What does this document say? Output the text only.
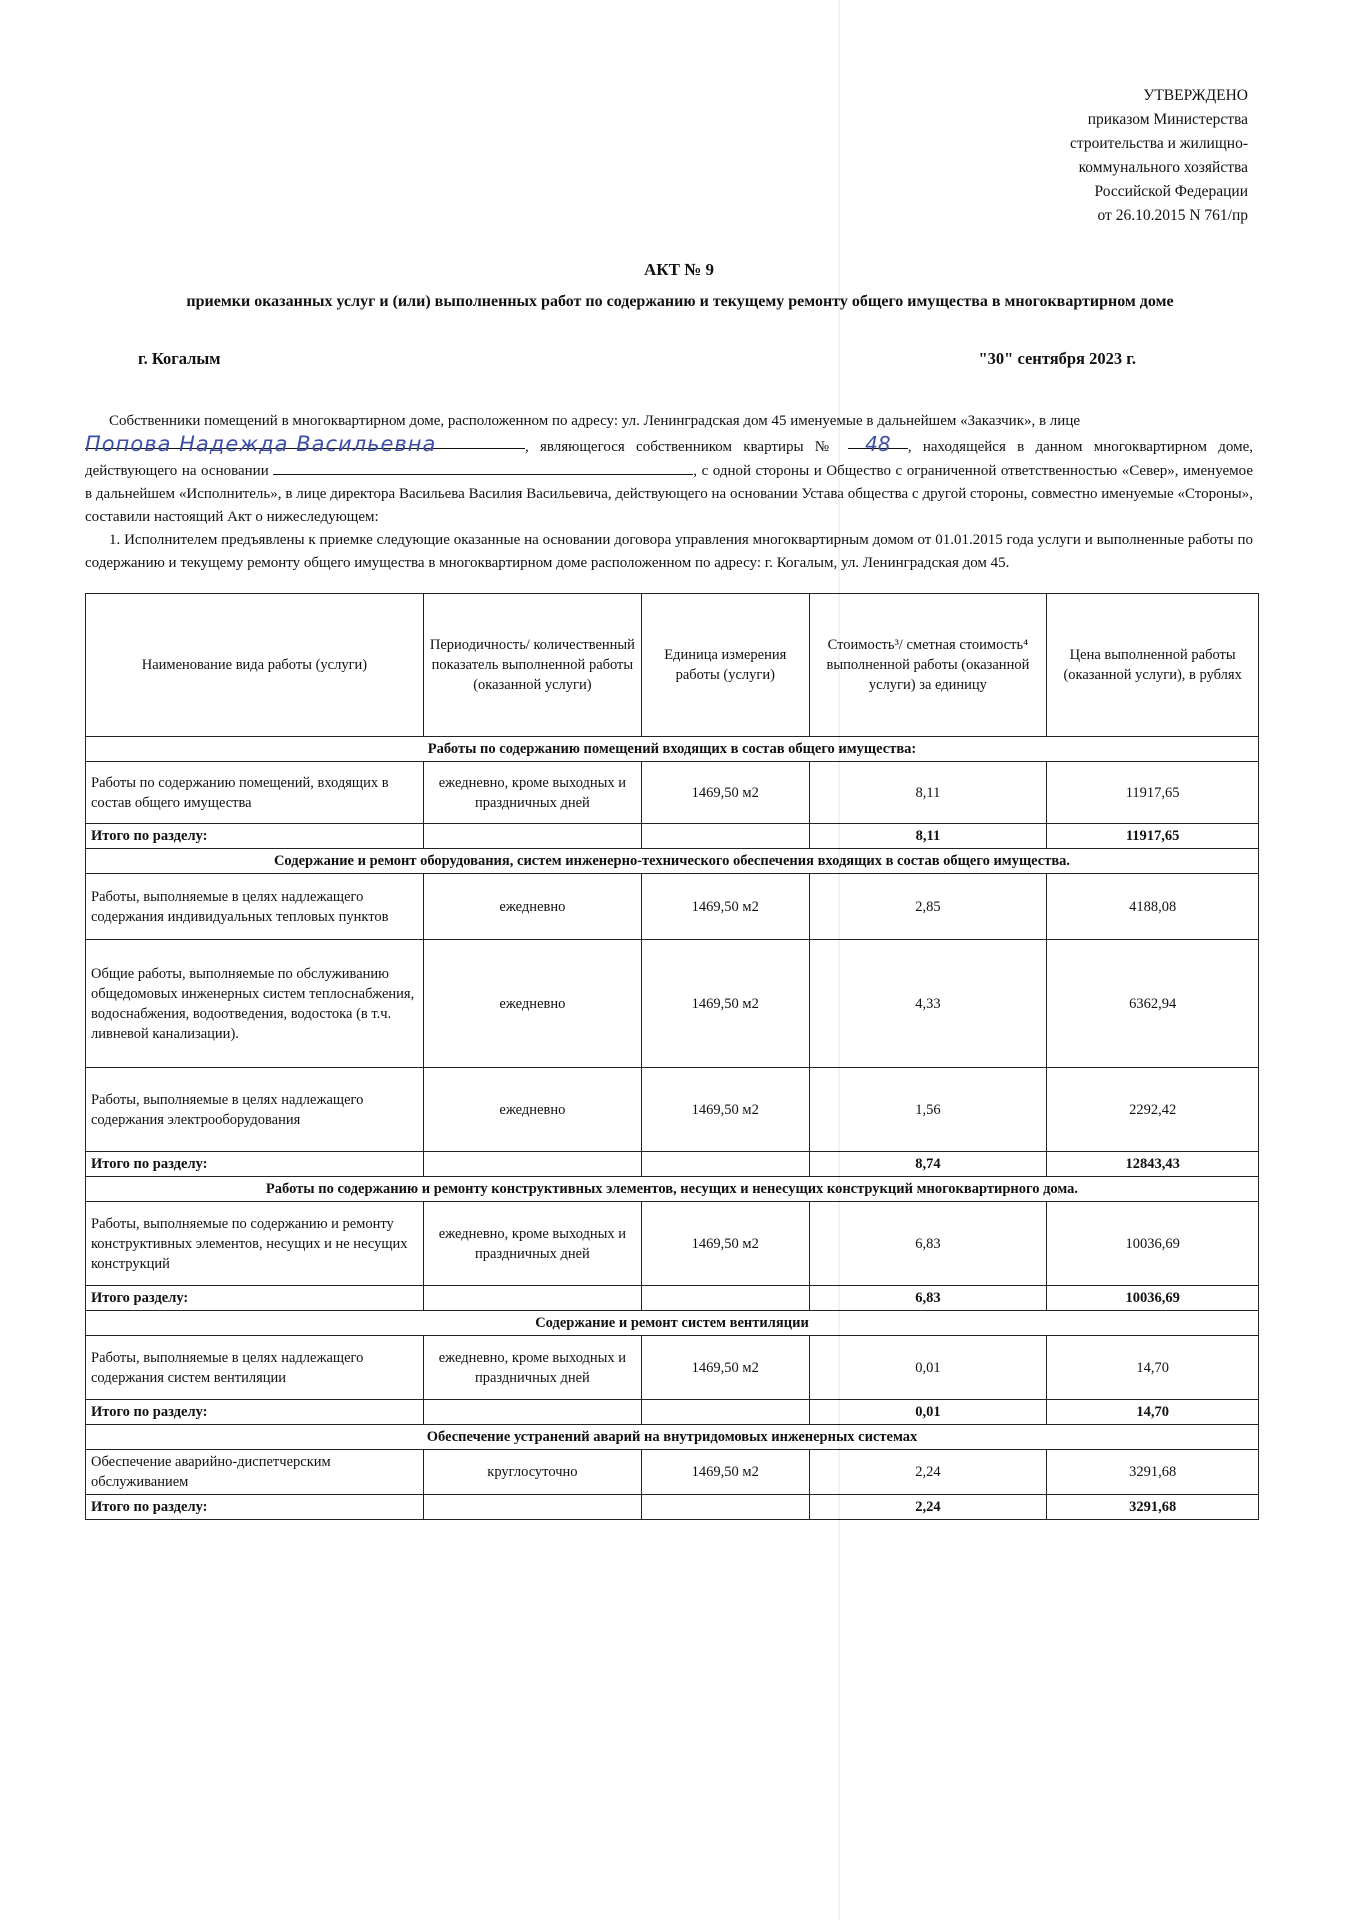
УТВЕРЖДЕНО
приказом Министерства
строительства и жилищно-
коммунального хозяйства
Российской Федерации
от 26.10.2015 N 761/пр
АКТ № 9
приемки оказанных услуг и (или) выполненных работ по содержанию и текущему ремонту общего имущества в многоквартирном доме
г. Когалым	"30" сентября 2023 г.

Собственники помещений в многоквартирном доме, расположенном по адресу: ул. Ленинградская дом 45 именуемые в дальнейшем «Заказчик», в лице
Попова Надежда Васильевна	, являющегося собственником квартиры № 48 , находящейся в данном многоквартирном доме, действующего на основании	, с одной стороны и Общество с ограниченной ответственностью «Север», именуемое в дальнейшем «Исполнитель», в лице директора Васильева Василия Васильевича, действующего на основании Устава общества с другой стороны, совместно именуемые «Стороны», составили настоящий Акт о нижеследующем:

1. Исполнителем предъявлены к приемке следующие оказанные на основании договора управления многоквартирным домом от 01.01.2015 года услуги и выполненные работы по содержанию и текущему ремонту общего имущества в многоквартирном доме расположенном по адресу: г. Когалым, ул. Ленинградская дом 45.

Наименование вида работы (услуги)	Периодичность/ количественный показатель выполненной работы (оказанной услуги)	Единица измерения работы (услуги)	Стоимость³/ сметная стоимость⁴ выполненной работы (оказанной услуги) за единицу	Цена выполненной работы (оказанной услуги), в рублях
Работы по содержанию помещений входящих в состав общего имущества:				
Работы по содержанию помещений, входящих в состав общего имущества	ежедневно, кроме выходных и праздничных дней	1469,50 м2	8,11	11917,65
Итого по разделу:			8,11	11917,65
Содержание и ремонт оборудования, систем инженерно-технического обеспечения входящих в состав общего имущества.				
Работы, выполняемые в целях надлежащего содержания индивидуальных тепловых пунктов	ежедневно	1469,50 м2	2,85	4188,08
Общие работы, выполняемые по обслуживанию общедомовых инженерных систем теплоснабжения, водоснабжения, водоотведения, водостока (в т.ч. ливневой канализации).	ежедневно	1469,50 м2	4,33	6362,94
Работы, выполняемые в целях надлежащего содержания электрооборудования	ежедневно	1469,50 м2	1,56	2292,42
Итого по разделу:			8,74	12843,43
Работы по содержанию и ремонту конструктивных элементов, несущих и ненесущих конструкций многоквартирного дома.				
Работы, выполняемые по содержанию и ремонту конструктивных элементов, несущих и не несущих конструкций	ежедневно, кроме выходных и праздничных дней	1469,50 м2	6,83	10036,69
Итого разделу:			6,83	10036,69
Содержание и ремонт систем вентиляции				
Работы, выполняемые в целях надлежащего содержания систем вентиляции	ежедневно, кроме выходных и праздничных дней	1469,50 м2	0,01	14,70
Итого по разделу:			0,01	14,70
Обеспечение устранений аварий на внутридомовых инженерных системах				
Обеспечение аварийно-диспетчерским обслуживанием	круглосуточно	1469,50 м2	2,24	3291,68
Итого по разделу:			2,24	3291,68
